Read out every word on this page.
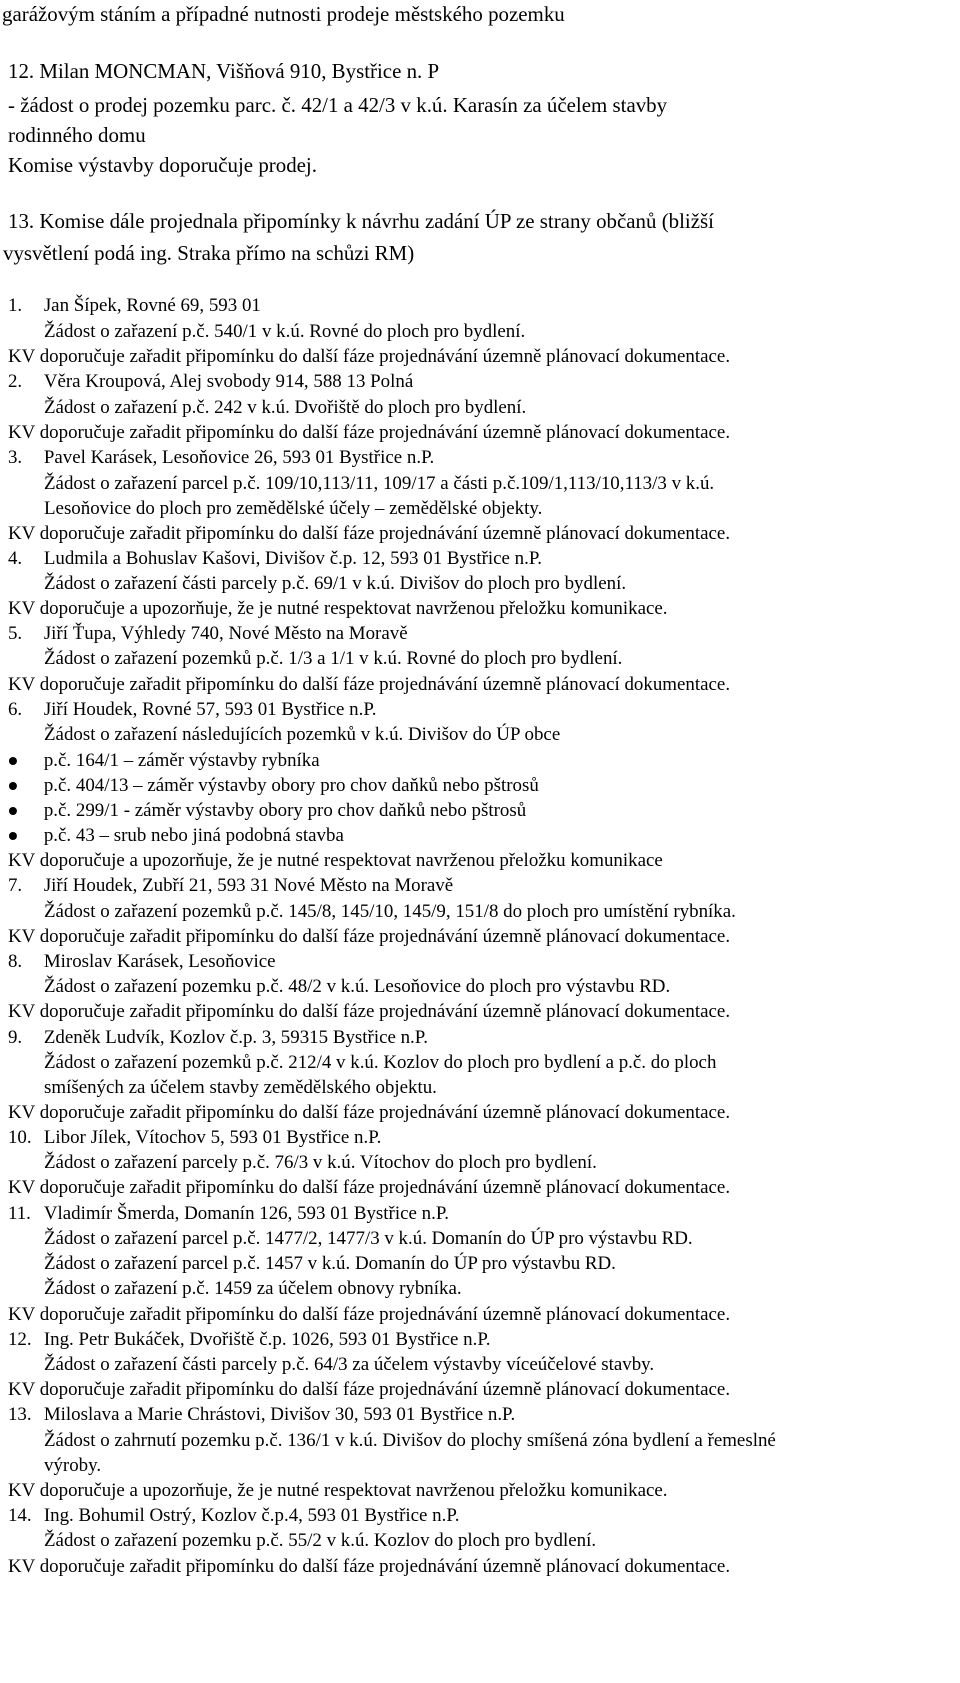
garážovým stáním a případné nutnosti prodeje městského pozemku
12. Milan MONCMAN, Višňová 910, Bystřice n. P
- žádost o prodej pozemku parc. č. 42/1 a 42/3 v k.ú. Karasín za účelem stavby
rodinného domu
Komise výstavby doporučuje prodej.
13. Komise dále projednala připomínky k návrhu zadání ÚP ze strany občanů (bližší
vysvětlení podá ing. Straka přímo na schůzi RM)
1. Jan Šípek, Rovné 69, 593 01
Žádost o zařazení p.č. 540/1 v k.ú. Rovné do ploch pro bydlení.
KV doporučuje zařadit připomínku do další fáze projednávání územně plánovací dokumentace.
2. Věra Kroupová, Alej svobody 914, 588 13 Polná
Žádost o zařazení p.č. 242 v k.ú. Dvořiště do ploch pro bydlení.
KV doporučuje zařadit připomínku do další fáze projednávání územně plánovací dokumentace.
3. Pavel Karásek, Lesoňovice 26, 593 01 Bystřice n.P.
Žádost o zařazení parcel p.č. 109/10,113/11, 109/17 a části p.č.109/1,113/10,113/3 v k.ú.
Lesoňovice do ploch pro zemědělské účely – zemědělské objekty.
KV doporučuje zařadit připomínku do další fáze projednávání územně plánovací dokumentace.
4. Ludmila a Bohuslav Kašovi, Divišov č.p. 12, 593 01 Bystřice n.P.
Žádost o zařazení části parcely p.č. 69/1 v k.ú. Divišov do ploch pro bydlení.
KV doporučuje a upozorňuje, že je nutné respektovat navrženou přeložku komunikace.
5. Jiří Ťupa, Výhledy 740, Nové Město na Moravě
Žádost o zařazení pozemků p.č. 1/3 a 1/1 v k.ú. Rovné do ploch pro bydlení.
KV doporučuje zařadit připomínku do další fáze projednávání územně plánovací dokumentace.
6. Jiří Houdek, Rovné 57, 593 01 Bystřice n.P.
Žádost o zařazení následujících pozemků v k.ú. Divišov do ÚP obce
p.č. 164/1 – záměr výstavby rybníka
p.č. 404/13 – záměr výstavby obory pro chov daňků nebo pštrosů
p.č. 299/1 - záměr výstavby obory pro chov daňků nebo pštrosů
p.č. 43 – srub nebo jiná podobná stavba
KV doporučuje a upozorňuje, že je nutné respektovat navrženou přeložku komunikace
7. Jiří Houdek, Zubří 21, 593 31 Nové Město na Moravě
Žádost o zařazení pozemků p.č. 145/8, 145/10, 145/9, 151/8 do ploch pro umístění rybníka.
KV doporučuje zařadit připomínku do další fáze projednávání územně plánovací dokumentace.
8. Miroslav Karásek, Lesoňovice
Žádost o zařazení pozemku p.č. 48/2 v k.ú. Lesoňovice do ploch pro výstavbu RD.
KV doporučuje zařadit připomínku do další fáze projednávání územně plánovací dokumentace.
9. Zdeněk Ludvík, Kozlov č.p. 3, 59315 Bystřice n.P.
Žádost o zařazení pozemků p.č. 212/4 v k.ú. Kozlov do ploch pro bydlení a p.č. do ploch
smíšených za účelem stavby zemědělského objektu.
KV doporučuje zařadit připomínku do další fáze projednávání územně plánovací dokumentace.
10. Libor Jílek, Vítochov 5, 593 01 Bystřice n.P.
Žádost o zařazení parcely p.č. 76/3 v k.ú. Vítochov do ploch pro bydlení.
KV doporučuje zařadit připomínku do další fáze projednávání územně plánovací dokumentace.
11. Vladimír Šmerda, Domanín 126, 593 01 Bystřice n.P.
Žádost o zařazení parcel p.č. 1477/2, 1477/3 v k.ú. Domanín do ÚP pro výstavbu RD.
Žádost o zařazení parcel p.č. 1457 v k.ú. Domanín do ÚP pro výstavbu RD.
Žádost o zařazení p.č. 1459 za účelem obnovy rybníka.
KV doporučuje zařadit připomínku do další fáze projednávání územně plánovací dokumentace.
12. Ing. Petr Bukáček, Dvořiště č.p. 1026, 593 01 Bystřice n.P.
Žádost o zařazení části parcely p.č. 64/3 za účelem výstavby víceúčelové stavby.
KV doporučuje zařadit připomínku do další fáze projednávání územně plánovací dokumentace.
13. Miloslava a Marie Chrástovi, Divišov 30, 593 01 Bystřice n.P.
Žádost o zahrnutí pozemku p.č. 136/1 v k.ú. Divišov do plochy smíšená zóna bydlení a řemeslné
výroby.
KV doporučuje a upozorňuje, že je nutné respektovat navrženou přeložku komunikace.
14. Ing. Bohumil Ostrý, Kozlov č.p.4, 593 01 Bystřice n.P.
Žádost o zařazení pozemku p.č. 55/2 v k.ú. Kozlov do ploch pro bydlení.
KV doporučuje zařadit připomínku do další fáze projednávání územně plánovací dokumentace.
